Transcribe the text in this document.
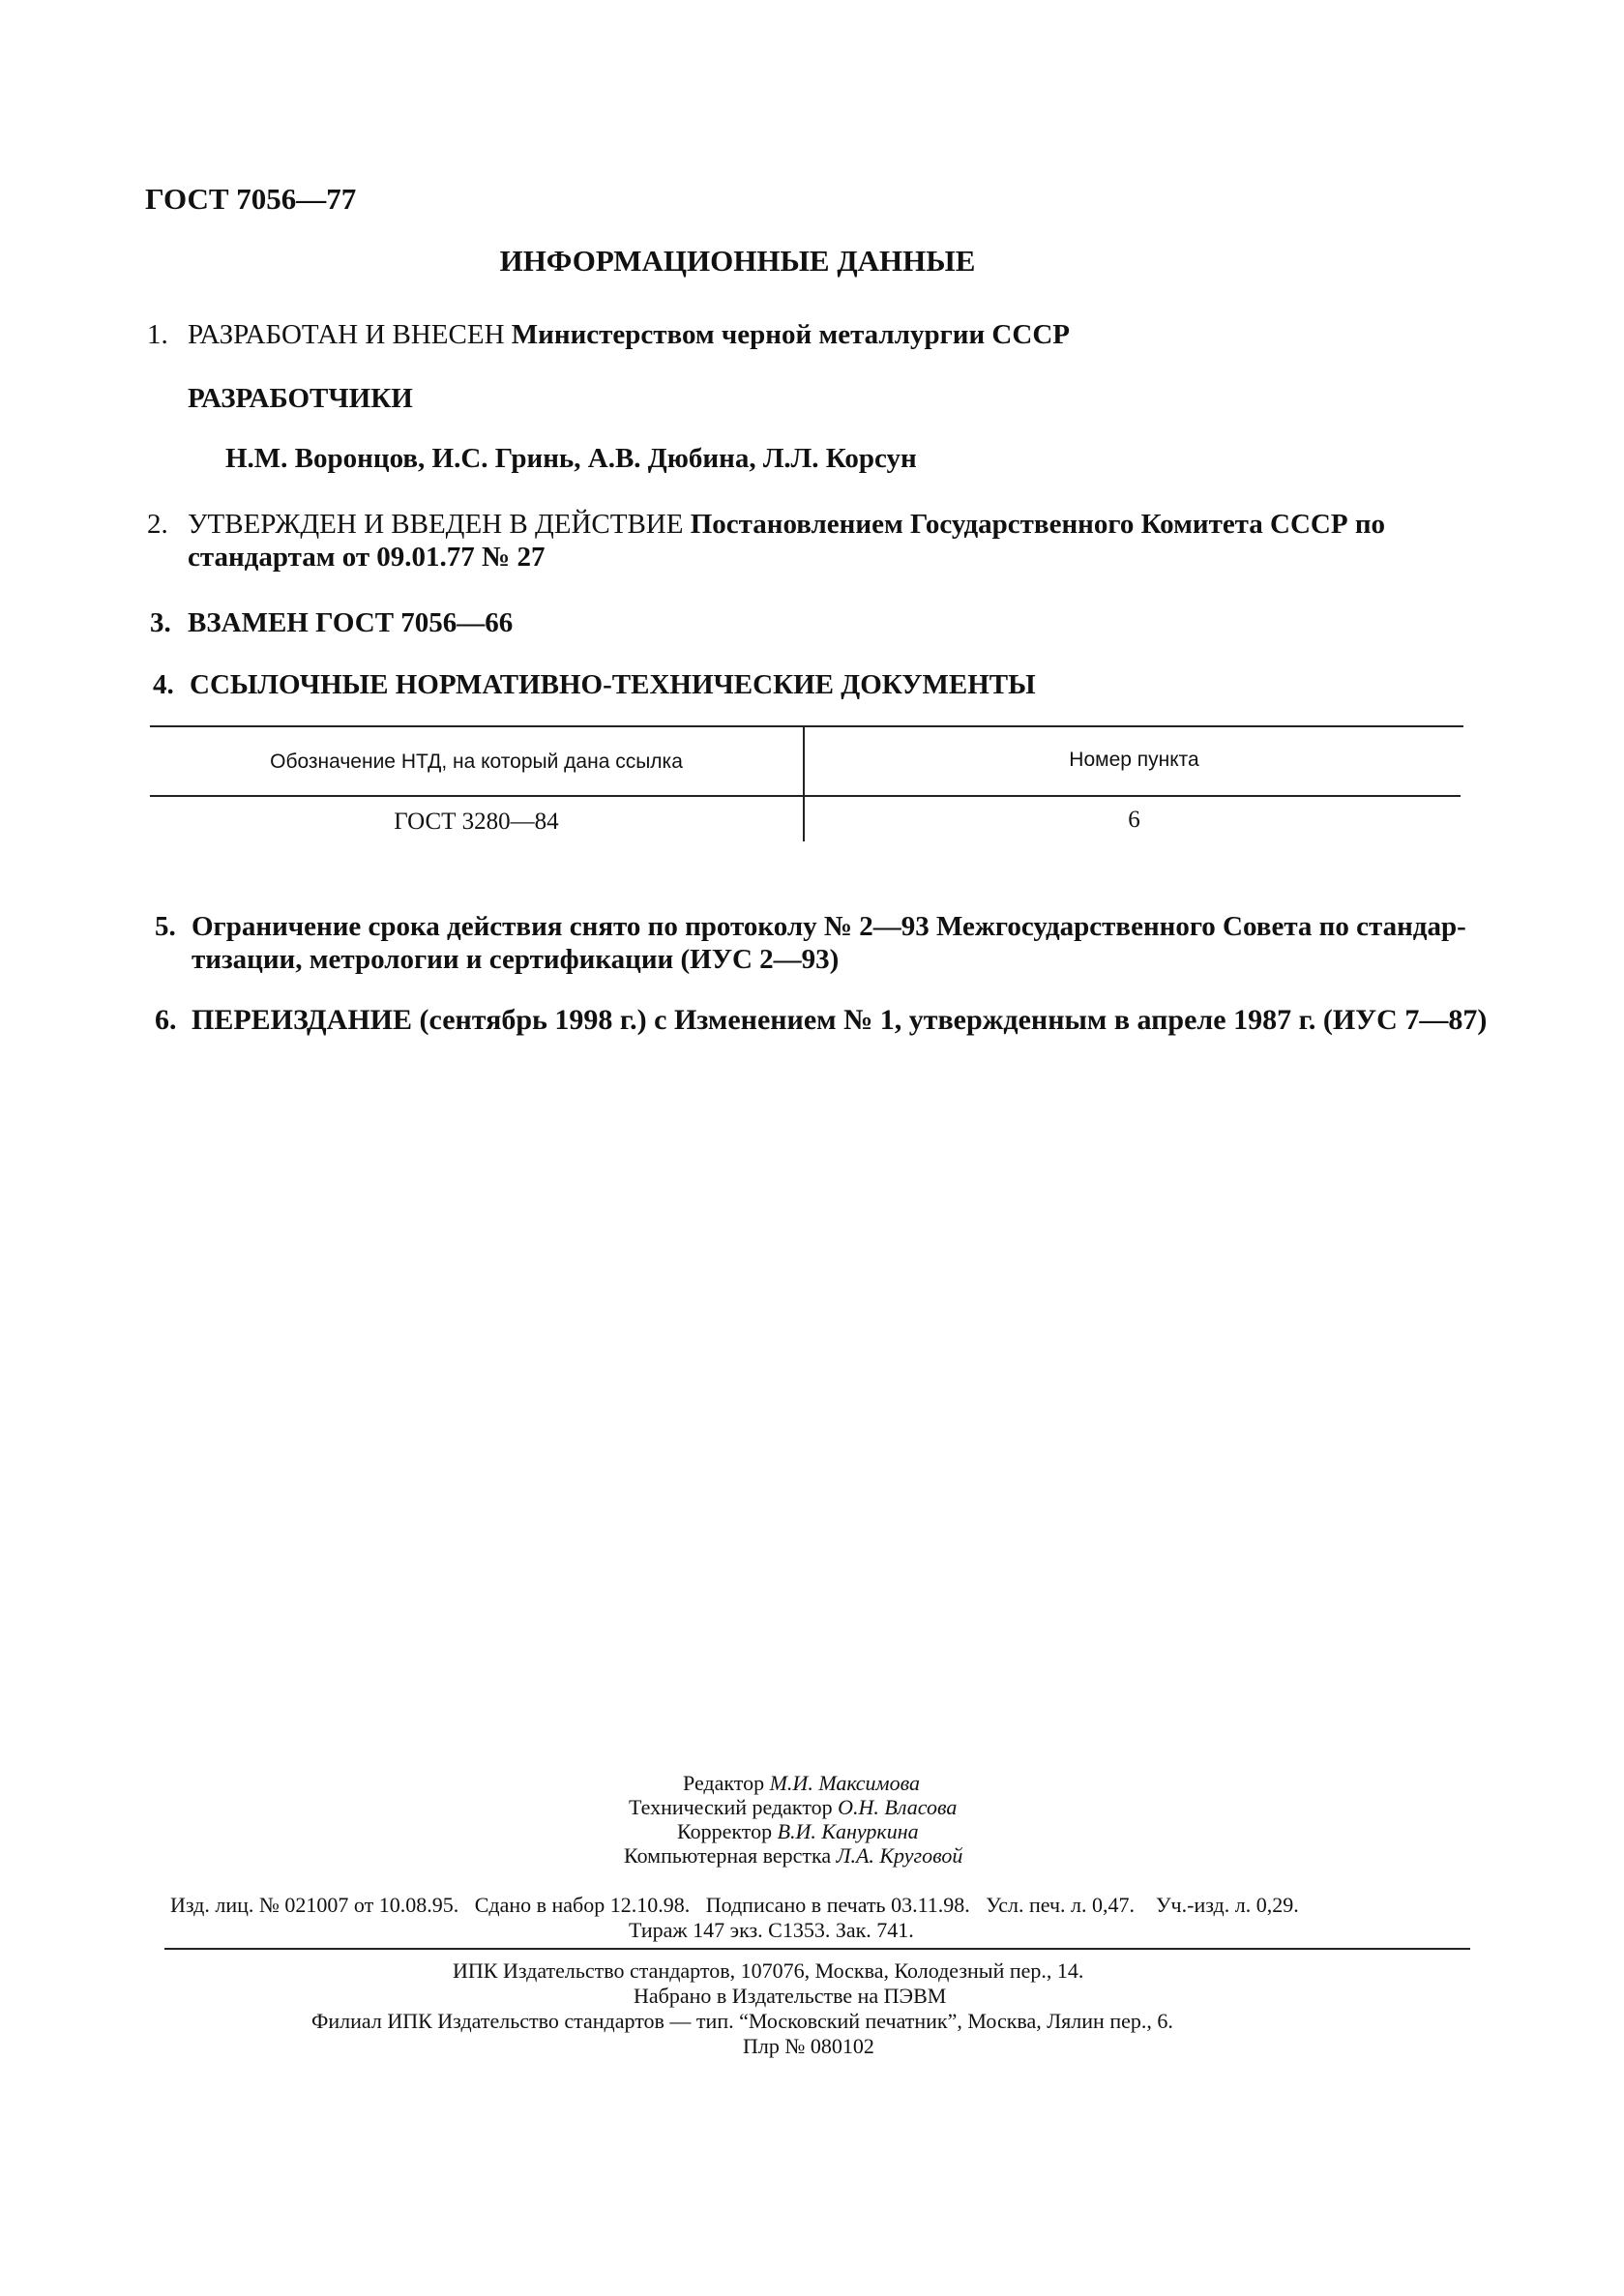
ГОСТ 7056—77
ИНФОРМАЦИОННЫЕ ДАННЫЕ
1. РАЗРАБОТАН И ВНЕСЕН Министерством черной металлургии СССР
РАЗРАБОТЧИКИ
Н.М. Воронцов, И.С. Гринь, А.В. Дюбина, Л.Л. Корсун
2. УТВЕРЖДЕН И ВВЕДЕН В ДЕЙСТВИЕ Постановлением Государственного Комитета СССР по
стандартам от 09.01.77 № 27
3. ВЗАМЕН ГОСТ 7056—66
4. ССЫЛОЧНЫЕ НОРМАТИВНО-ТЕХНИЧЕСКИЕ ДОКУМЕНТЫ
Обозначение НТД, на который дана ссылка	Номер пункта
ГОСТ 3280—84	6
5. Ограничение срока действия снято по протоколу № 2—93 Межгосударственного Совета по стандар-
тизации, метрологии и сертификации (ИУС 2—93)
6. ПЕРЕИЗДАНИЕ (сентябрь 1998 г.) с Изменением № 1, утвержденным в апреле 1987 г. (ИУС 7—87)
Редактор М.И. Максимова
Технический редактор О.Н. Власова
Корректор В.И. Кануркина
Компьютерная верстка Л.А. Круговой
Изд. лиц. № 021007 от 10.08.95.   Сдано в набор 12.10.98.   Подписано в печать 03.11.98.   Усл. печ. л. 0,47.    Уч.-изд. л. 0,29.
Тираж 147 экз. С1353. Зак. 741.
ИПК Издательство стандартов, 107076, Москва, Колодезный пер., 14.
Набрано в Издательстве на ПЭВМ
Филиал ИПК Издательство стандартов — тип. “Московский печатник”, Москва, Лялин пер., 6.
Плр № 080102
